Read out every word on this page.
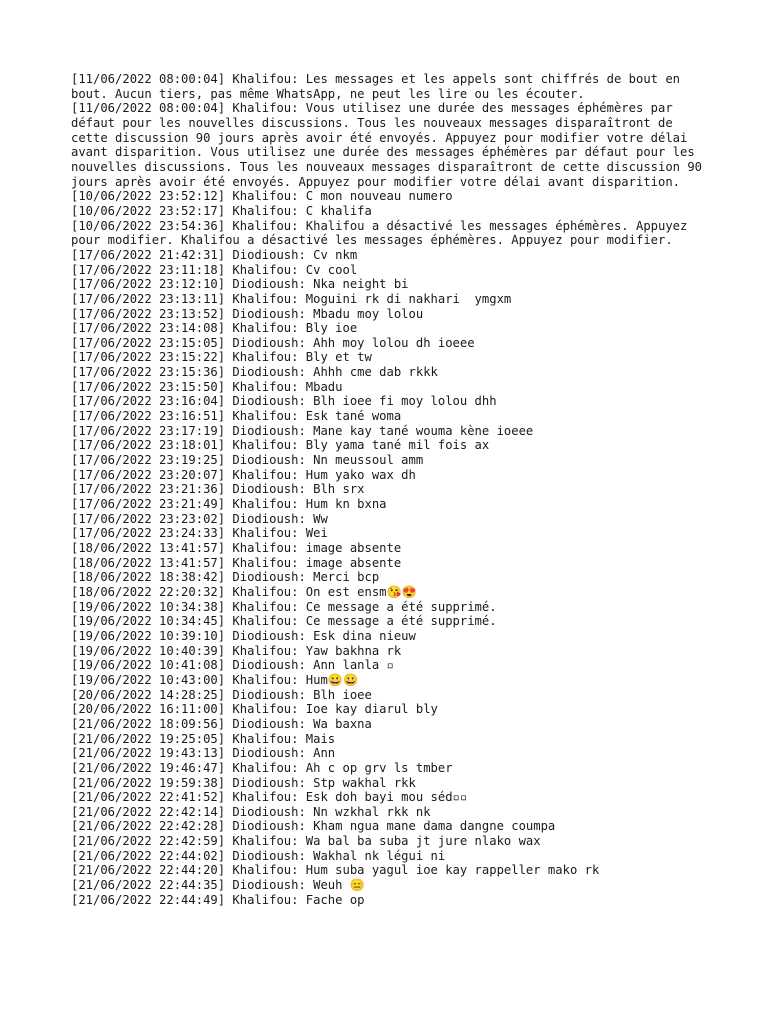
[11/06/2022 08:00:04] Khalifou: Les messages et les appels sont chiffrés de bout en bout. Aucun tiers, pas même WhatsApp, ne peut les lire ou les écouter.
[11/06/2022 08:00:04] Khalifou: Vous utilisez une durée des messages éphémères par défaut pour les nouvelles discussions. Tous les nouveaux messages disparaîtront de cette discussion 90 jours après avoir été envoyés. Appuyez pour modifier votre délai avant disparition. Vous utilisez une durée des messages éphémères par défaut pour les nouvelles discussions. Tous les nouveaux messages disparaîtront de cette discussion 90 jours après avoir été envoyés. Appuyez pour modifier votre délai avant disparition.
[10/06/2022 23:52:12] Khalifou: C mon nouveau numero
[10/06/2022 23:52:17] Khalifou: C khalifa
[10/06/2022 23:54:36] Khalifou: Khalifou a désactivé les messages éphémères. Appuyez pour modifier. Khalifou a désactivé les messages éphémères. Appuyez pour modifier.
[17/06/2022 21:42:31] Diodioush: Cv nkm
[17/06/2022 23:11:18] Khalifou: Cv cool
[17/06/2022 23:12:10] Diodioush: Nka neight bi
[17/06/2022 23:13:11] Khalifou: Moguini rk di nakhari  ymgxm
[17/06/2022 23:13:52] Diodioush: Mbadu moy lolou
[17/06/2022 23:14:08] Khalifou: Bly ioe
[17/06/2022 23:15:05] Diodioush: Ahh moy lolou dh ioeee
[17/06/2022 23:15:22] Khalifou: Bly et tw
[17/06/2022 23:15:36] Diodioush: Ahhh cme dab rkkk
[17/06/2022 23:15:50] Khalifou: Mbadu
[17/06/2022 23:16:04] Diodioush: Blh ioee fi moy lolou dhh
[17/06/2022 23:16:51] Khalifou: Esk tané woma
[17/06/2022 23:17:19] Diodioush: Mane kay tané wouma kène ioeee
[17/06/2022 23:18:01] Khalifou: Bly yama tané mil fois ax
[17/06/2022 23:19:25] Diodioush: Nn meussoul amm
[17/06/2022 23:20:07] Khalifou: Hum yako wax dh
[17/06/2022 23:21:36] Diodioush: Blh srx
[17/06/2022 23:21:49] Khalifou: Hum kn bxna
[17/06/2022 23:23:02] Diodioush: Ww
[17/06/2022 23:24:33] Khalifou: Wei
[18/06/2022 13:41:57] Khalifou: image absente
[18/06/2022 13:41:57] Khalifou: image absente
[18/06/2022 18:38:42] Diodioush: Merci bcp
[18/06/2022 22:20:32] Khalifou: On est ensm😘😍
[19/06/2022 10:34:38] Khalifou: Ce message a été supprimé.
[19/06/2022 10:34:45] Khalifou: Ce message a été supprimé.
[19/06/2022 10:39:10] Diodioush: Esk dina nieuw
[19/06/2022 10:40:39] Khalifou: Yaw bakhna rk
[19/06/2022 10:41:08] Diodioush: Ann lanla ▫
[19/06/2022 10:43:00] Khalifou: Hum😀😀
[20/06/2022 14:28:25] Diodioush: Blh ioee
[20/06/2022 16:11:00] Khalifou: Ioe kay diarul bly
[21/06/2022 18:09:56] Diodioush: Wa baxna
[21/06/2022 19:25:05] Khalifou: Mais
[21/06/2022 19:43:13] Diodioush: Ann
[21/06/2022 19:46:47] Khalifou: Ah c op grv ls tmber
[21/06/2022 19:59:38] Diodioush: Stp wakhal rkk
[21/06/2022 22:41:52] Khalifou: Esk doh bayi mou séd▫▫
[21/06/2022 22:42:14] Diodioush: Nn wzkhal rkk nk
[21/06/2022 22:42:28] Diodioush: Kham ngua mane dama dangne coumpa
[21/06/2022 22:42:59] Khalifou: Wa bal ba suba jt jure nlako wax
[21/06/2022 22:44:02] Diodioush: Wakhal nk légui ni
[21/06/2022 22:44:20] Khalifou: Hum suba yagul ioe kay rappeller mako rk
[21/06/2022 22:44:35] Diodioush: Weuh 😑
[21/06/2022 22:44:49] Khalifou: Fache op
